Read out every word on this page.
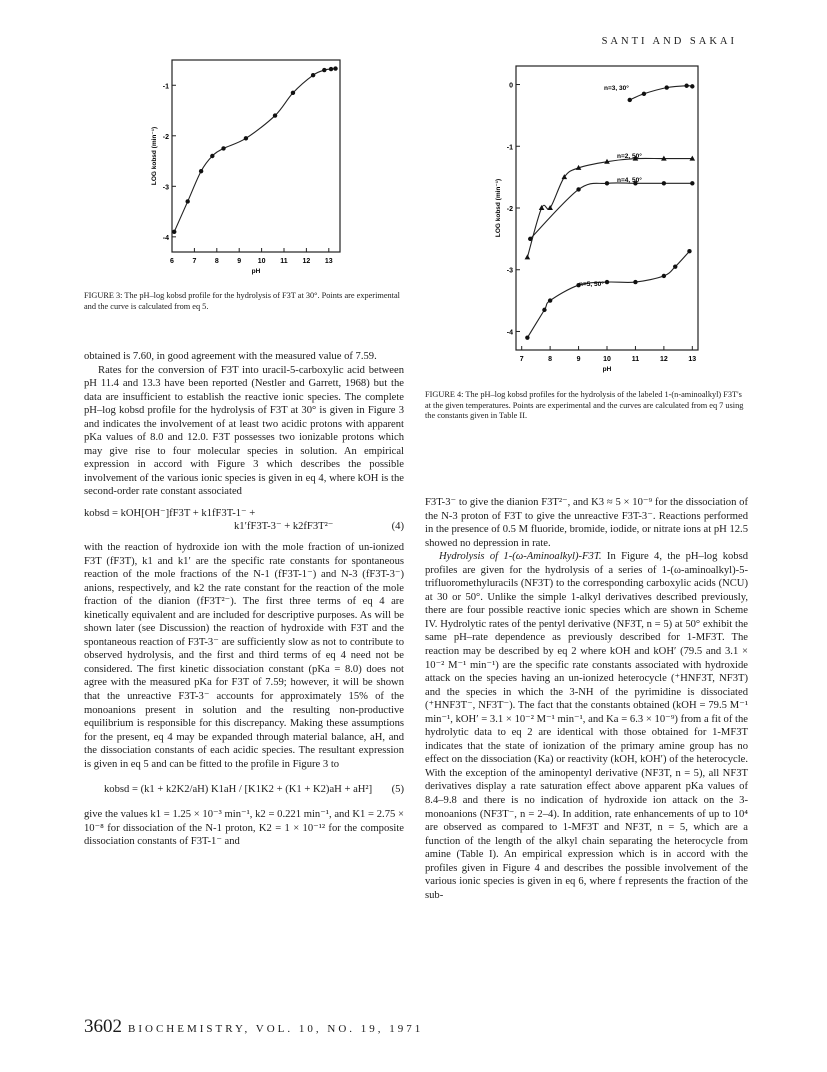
SANTI AND SAKAI
6	7	8	9 10 11 12 13
-1
-2
-3
-4
pH
LOG kobsd (min⁻¹)
FIGURE 3: The pH–log kobsd profile for the hydrolysis of F3T at 30°. Points are experimental and the curve is calculated from eq 5.
7	8	9	10	11	12	13
0
-1
-2
-3
-4
pH
LOG kobsd (min⁻¹)
n=3, 30°
n=2, 50°
n=4, 50°
n=5, 50°
FIGURE 4: The pH–log kobsd profiles for the hydrolysis of the labeled 1-(n-aminoalkyl) F3T's at the given temperatures. Points are experimental and the curves are calculated from eq 7 using the constants given in Table II.

obtained is 7.60, in good agreement with the measured value of 7.59.

Rates for the conversion of F3T into uracil-5-carboxylic acid between pH 11.4 and 13.3 have been reported (Nestler and Garrett, 1968) but the data are insufficient to establish the reactive ionic species. The complete pH–log kobsd profile for the hydrolysis of F3T at 30° is given in Figure 3 and indicates the involvement of at least two acidic protons with apparent pKa values of 8.0 and 12.0. F3T possesses two ionizable protons which may give rise to four molecular species in solution. An empirical expression in accord with Figure 3 which describes the possible involvement of the various ionic species is given in eq 4, where kOH is the second-order rate constant associated

kobsd = kOH[OH⁻]fF3T + k1fF3T-1⁻ +
k1′fF3T-3⁻ + k2fF3T²⁻	(4)

with the reaction of hydroxide ion with the mole fraction of un-ionized F3T (fF3T), k1 and k1′ are the specific rate constants for spontaneous reaction of the mole fractions of the N-1 (fF3T-1⁻) and N-3 (fF3T-3⁻) anions, respectively, and k2 the rate constant for the reaction of the mole fraction of the dianion (fF3T²⁻). The first three terms of eq 4 are kinetically equivalent and are included for descriptive purposes. As will be shown later (see Discussion) the reaction of hydroxide with F3T and the spontaneous reaction of F3T-3⁻ are sufficiently slow as not to contribute to observed hydrolysis, and the first and third terms of eq 4 need not be considered. The first kinetic dissociation constant (pKa = 8.0) does not agree with the measured pKa for F3T of 7.59; however, it will be shown that the unreactive F3T-3⁻ accounts for approximately 15% of the monoanions present in solution and the resulting non-productive equilibrium is responsible for this discrepancy. Making these assumptions for the present, eq 4 may be expanded through material balance, aH, and the dissociation constants of each acidic species. The resultant expression is given in eq 5 and can be fitted to the profile in Figure 3 to

kobsd = (k1 + k2K2/aH) K1aH / [K1K2 + (K1 + K2)aH + aH²] (5)

give the values k1 = 1.25 × 10⁻³ min⁻¹, k2 = 0.221 min⁻¹, and K1 = 2.75 × 10⁻⁸ for dissociation of the N-1 proton, K2 = 1 × 10⁻¹² for the composite dissociation constants of F3T-1⁻ and

F3T-3⁻ to give the dianion F3T²⁻, and K3 ≈ 5 × 10⁻⁹ for the dissociation of the N-3 proton of F3T to give the unreactive F3T-3⁻. Reactions performed in the presence of 0.5 M fluoride, bromide, iodide, or nitrate ions at pH 12.5 showed no depression in rate.

Hydrolysis of 1-(ω-Aminoalkyl)-F3T. In Figure 4, the pH–log kobsd profiles are given for the hydrolysis of a series of 1-(ω-aminoalkyl)-5-trifluoromethyluracils (NF3T) to the corresponding carboxylic acids (NCU) at 30 or 50°. Unlike the simple 1-alkyl derivatives described previously, there are four possible reactive ionic species which are shown in Scheme IV. Hydrolytic rates of the pentyl derivative (NF3T, n = 5) at 50° exhibit the same pH–rate dependence as previously described for 1-MF3T. The reaction may be described by eq 2 where kOH and kOH′ (79.5 and 3.1 × 10⁻² M⁻¹ min⁻¹) are the specific rate constants associated with hydroxide attack on the species having an un-ionized heterocycle (⁺HNF3T, NF3T) and the species in which the 3-NH of the pyrimidine is dissociated (⁺HNF3T⁻, NF3T⁻). The fact that the constants obtained (kOH = 79.5 M⁻¹ min⁻¹, kOH′ = 3.1 × 10⁻² M⁻¹ min⁻¹, and Ka = 6.3 × 10⁻⁹) from a fit of the hydrolytic data to eq 2 are identical with those obtained for 1-MF3T indicates that the state of ionization of the primary amine group has no effect on the dissociation (Ka) or reactivity (kOH, kOH′) of the heterocycle. With the exception of the aminopentyl derivative (NF3T, n = 5), all NF3T derivatives display a rate saturation effect above apparent pKa values of 8.4–9.8 and there is no indication of hydroxide ion attack on the 3-monoanions (NF3T⁻, n = 2–4). In addition, rate enhancements of up to 10⁴ are observed as compared to 1-MF3T and NF3T, n = 5, which are a function of the length of the alkyl chain separating the heterocycle from amine (Table I). An empirical expression which is in accord with the profiles given in Figure 4 and describes the possible involvement of the various ionic species is given in eq 6, where f represents the fraction of the sub-

3602 BIOCHEMISTRY, VOL. 10, NO. 19, 1971
